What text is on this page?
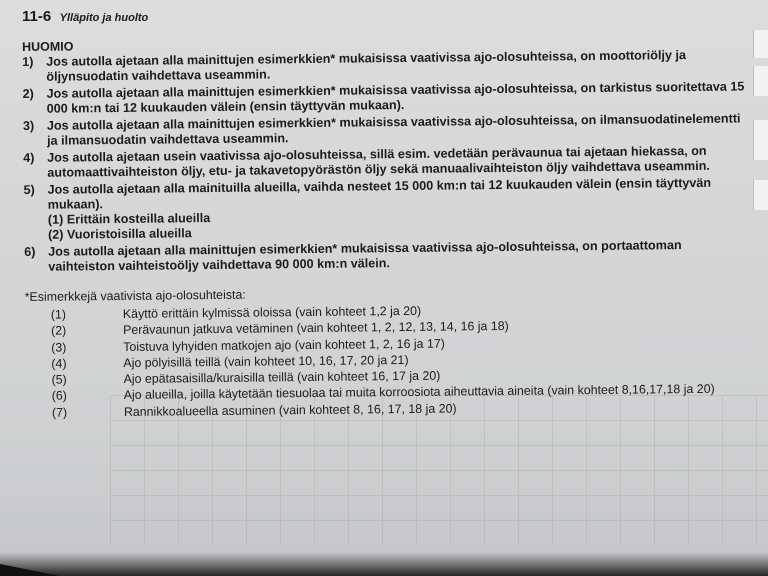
11-6 Ylläpito ja huolto
HUOMIO
1)	Jos autolla ajetaan alla mainittujen esimerkkien* mukaisissa vaativissa ajo-olosuhteissa, on moottoriöljy ja öljynsuodatin vaihdettava useammin.
2)	Jos autolla ajetaan alla mainittujen esimerkkien* mukaisissa vaativissa ajo-olosuhteissa, on tarkistus suoritettava 15 000 km:n tai 12 kuukauden välein (ensin täyttyvän mukaan).
3)	Jos autolla ajetaan alla mainittujen esimerkkien* mukaisissa vaativissa ajo-olosuhteissa, on ilmansuodatinelementti ja ilmansuodatin vaihdettava useammin.
4)	Jos autolla ajetaan usein vaativissa ajo-olosuhteissa, sillä esim. vedetään perävaunua tai ajetaan hiekassa, on automaattivaihteiston öljy, etu- ja takavetopyörästön öljy sekä manuaalivaihteiston öljy vaihdettava useammin.
5)	Jos autolla ajetaan alla mainituilla alueilla, vaihda nesteet 15 000 km:n tai 12 kuukauden välein (ensin täyttyvän mukaan).
(1) Erittäin kosteilla alueilla
(2) Vuoristoisilla alueilla
6)	Jos autolla ajetaan alla mainittujen esimerkkien* mukaisissa vaativissa ajo-olosuhteissa, on portaattoman vaihteiston vaihteistoöljy vaihdettava 90 000 km:n välein.
*Esimerkkejä vaativista ajo-olosuhteista:
(1)	Käyttö erittäin kylmissä oloissa (vain kohteet 1,2 ja 20)
(2)	Perävaunun jatkuva vetäminen (vain kohteet 1, 2, 12, 13, 14, 16 ja 18)
(3)	Toistuva lyhyiden matkojen ajo (vain kohteet 1, 2, 16 ja 17)
(4)	Ajo pölyisillä teillä (vain kohteet 10, 16, 17, 20 ja 21)
(5)	Ajo epätasaisilla/kuraisilla teillä (vain kohteet 16, 17 ja 20)
(6)	Ajo alueilla, joilla käytetään tiesuolaa tai muita korroosiota aiheuttavia aineita (vain kohteet 8,16,17,18 ja 20)
(7)	Rannikkoalueella asuminen (vain kohteet 8, 16, 17, 18 ja 20)
